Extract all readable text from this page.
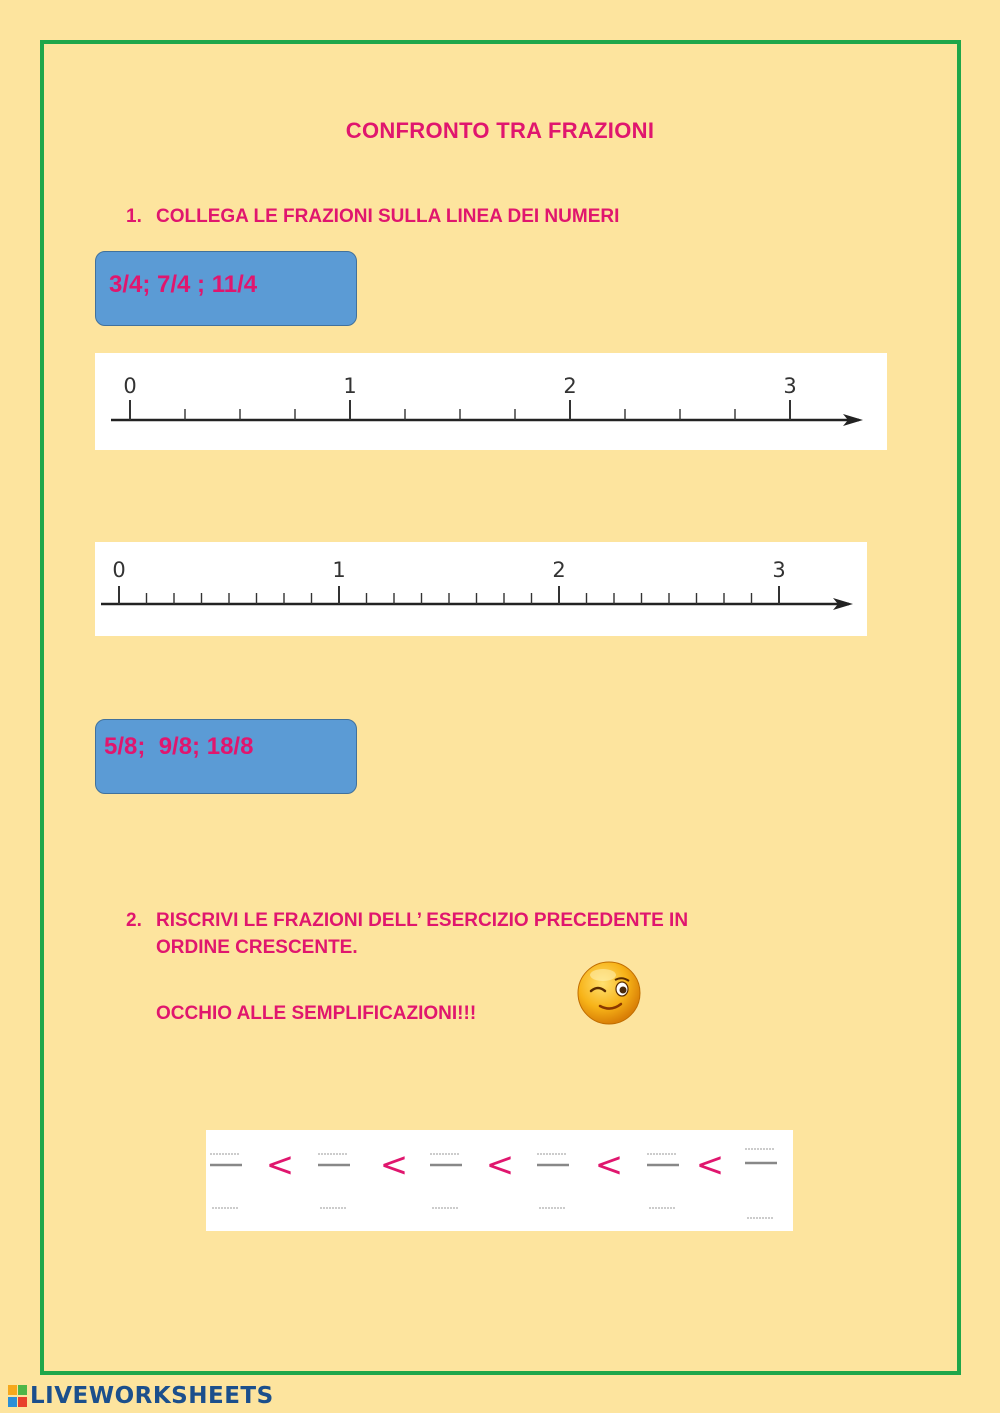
CONFRONTO TRA FRAZIONI
1. COLLEGA LE FRAZIONI SULLA LINEA DEI NUMERI
3/4; 7/4 ; 11/4
0	1	2	3
0	1	2	3
5/8;  9/8; 18/8
2. RISCRIVI LE FRAZIONI DELL’ ESERCIZIO PRECEDENTE IN
ORDINE CRESCENTE.
OCCHIO ALLE SEMPLIFICAZIONI!!!
<	< < < <
LIVEWORKSHEETS
